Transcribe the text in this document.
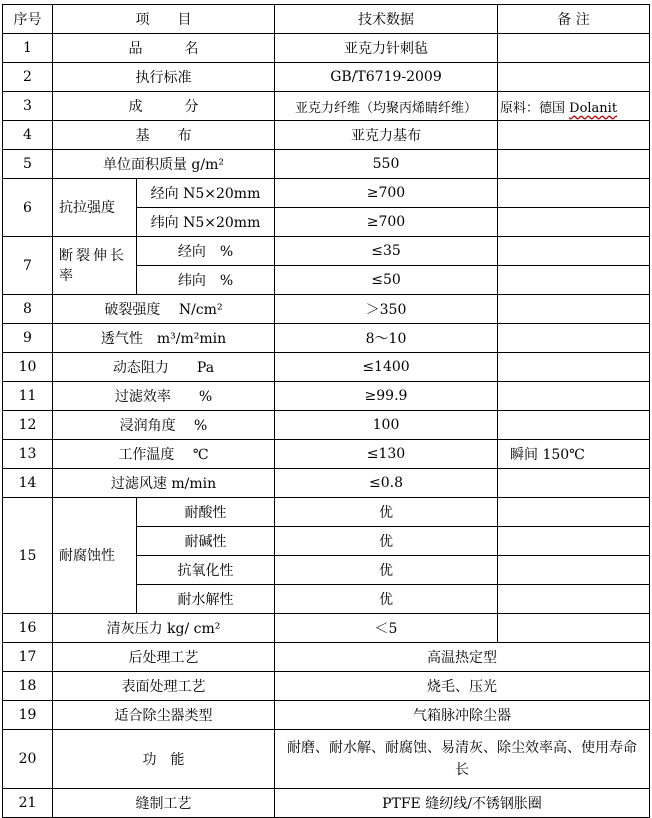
序号	项　　目		技术数据	备 注
1	品　　　名		亚克力针刺毡	
2	执行标准		GB/T6719-2009	
3	成　　　分		亚克力纤维（均聚丙烯睛纤维）	原料：德国 Dolanit
4	基　　布		亚克力基布	
5	单位面积质量 g/m²		550	
6	抗拉强度	经向 N5×20mm	≥700	
		纬向 N5×20mm	≥700	
7	断裂伸长率	经向　%	≤35	
		纬向　%	≤50	
8	破裂强度　 N/cm²		＞350	
9	透气性　m³/m²min		8～10	
10	动态阻力　　Pa		≤1400	
11	过滤效率　　%		≥99.9	
12	浸润角度　 %		100	
13	工作温度　 ℃		≤130	瞬间 150℃
14	过滤风速 m/min		≤0.8	
15	耐腐蚀性	耐酸性	优	
		耐碱性	优	
		抗氧化性	优	
		耐水解性	优	
16	清灰压力 kg/ cm²		＜5	
17	后处理工艺		高温热定型	
18	表面处理工艺		烧毛、压光	
19	适合除尘器类型		气箱脉冲除尘器	
20	功　能		耐磨、耐水解、耐腐蚀、易清灰、除尘效率高、使用寿命长	
21	缝制工艺		PTFE 缝纫线/不锈钢胀圈	
